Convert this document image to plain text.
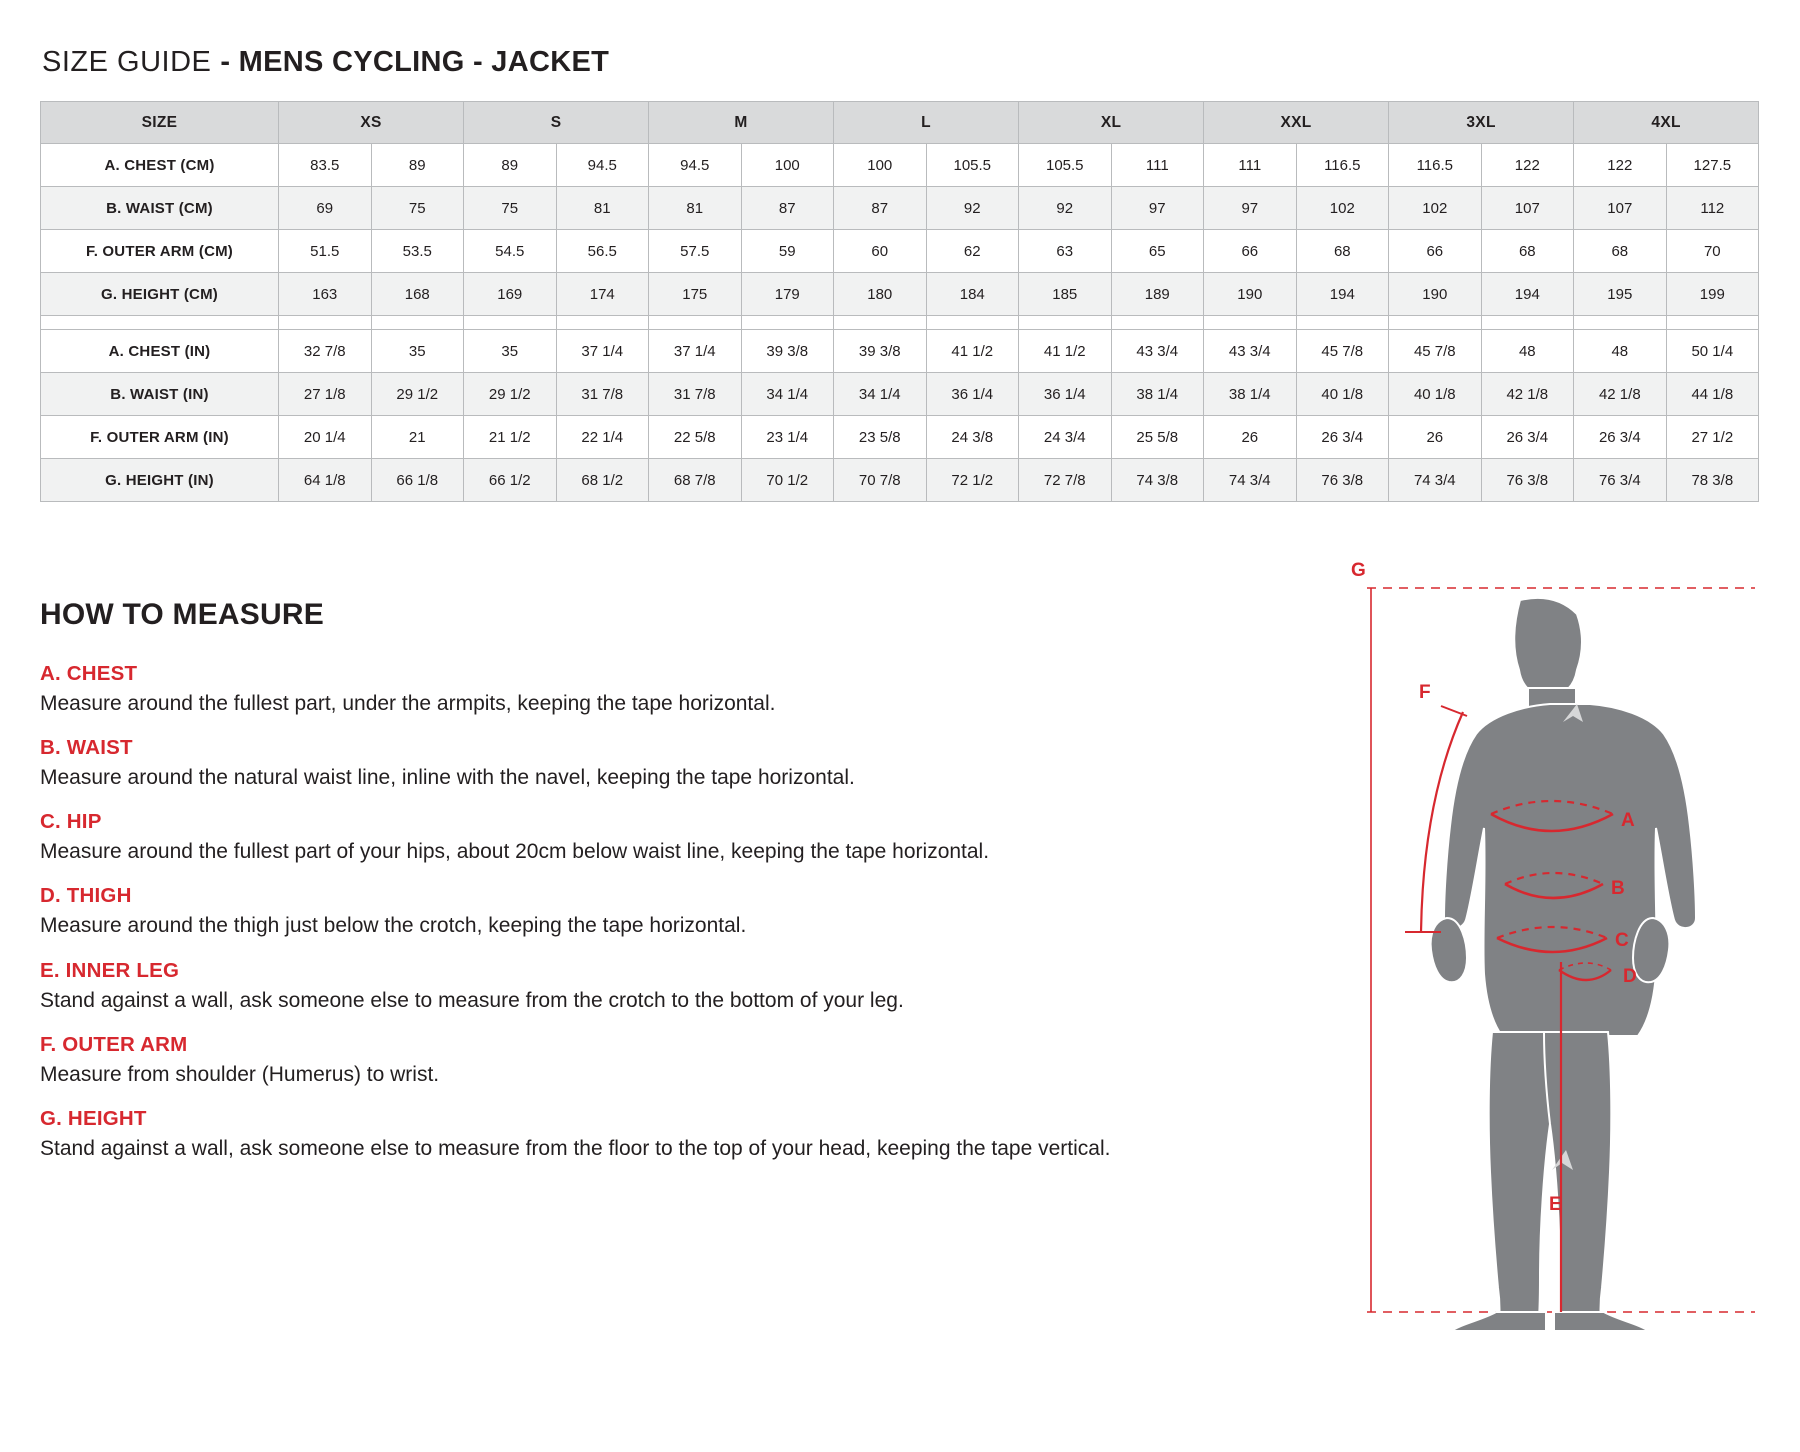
SIZE GUIDE - MENS CYCLING - JACKET
SIZE	XS		S		M		L		XL		XXL		3XL		4XL	
A. CHEST (CM)	83.5	89	89	94.5	94.5	100	100	105.5	105.5	111	111	116.5	116.5	122	122	127.5
B. WAIST (CM)	69	75	75	81	81	87	87	92	92	97	97	102	102	107	107	112
F. OUTER ARM (CM)	51.5	53.5	54.5	56.5	57.5	59	60	62	63	65	66	68	66	68	68	70
G. HEIGHT (CM)	163	168	169	174	175	179	180	184	185	189	190	194	190	194	195	199

A. CHEST (IN)	32 7/8	35	35	37 1/4	37 1/4	39 3/8	39 3/8	41 1/2	41 1/2	43 3/4	43 3/4	45 7/8	45 7/8	48	48	50 1/4
B. WAIST (IN)	27 1/8	29 1/2	29 1/2	31 7/8	31 7/8	34 1/4	34 1/4	36 1/4	36 1/4	38 1/4	38 1/4	40 1/8	40 1/8	42 1/8	42 1/8	44 1/8
F. OUTER ARM (IN)	20 1/4	21	21 1/2	22 1/4	22 5/8	23 1/4	23 5/8	24 3/8	24 3/4	25 5/8	26	26 3/4	26	26 3/4	26 3/4	27 1/2
G. HEIGHT (IN)	64 1/8	66 1/8	66 1/2	68 1/2	68 7/8	70 1/2	70 7/8	72 1/2	72 7/8	74 3/8	74 3/4	76 3/8	74 3/4	76 3/8	76 3/4	78 3/8
HOW TO MEASURE

A. CHEST

Measure around the fullest part, under the armpits, keeping the tape horizontal.

B. WAIST

Measure around the natural waist line, inline with the navel, keeping the tape horizontal.

C. HIP

Measure around the fullest part of your hips, about 20cm below waist line, keeping the tape horizontal.

D. THIGH

Measure around the thigh just below the crotch, keeping the tape horizontal.

E. INNER LEG

Stand against a wall, ask someone else to measure from the crotch to the bottom of your leg.

F. OUTER ARM

Measure from shoulder (Humerus) to wrist.

G. HEIGHT

Stand against a wall, ask someone else to measure from the floor to the top of your head, keeping the tape vertical.

G
F
A
B
C
D
E
